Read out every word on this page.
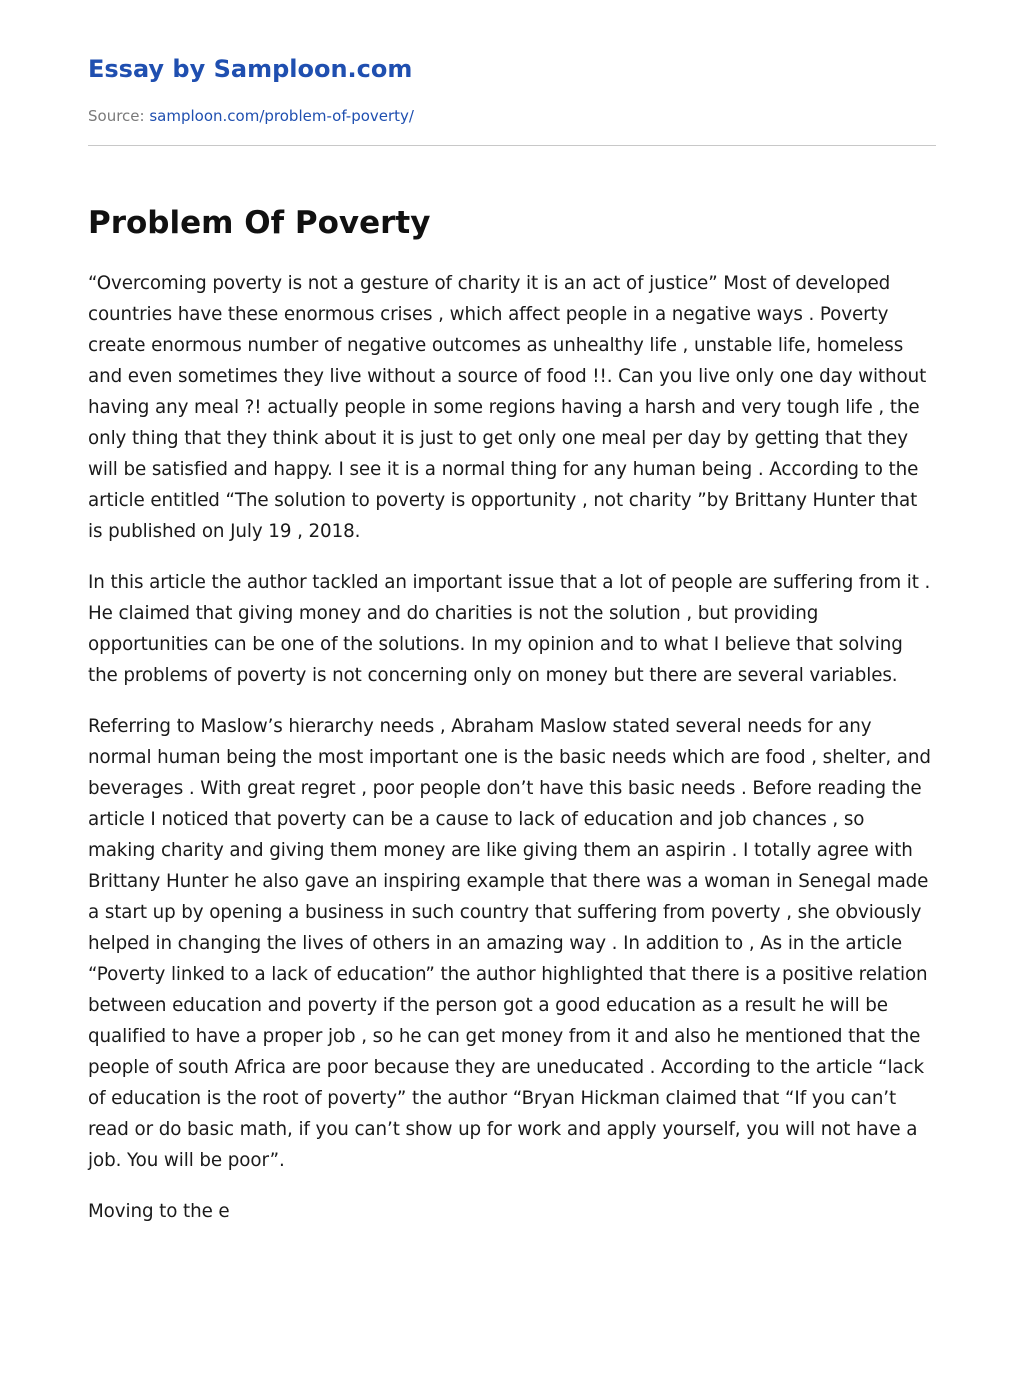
Essay by Samploon.com
Source: samploon.com/problem-of-poverty/
Problem Of Poverty

“Overcoming poverty is not a gesture of charity it is an act of justice” Most of developed countries have these enormous crises , which affect people in a negative ways . Poverty create enormous number of negative outcomes as unhealthy life , unstable life, homeless and even sometimes they live without a source of food !!. Can you live only one day without having any meal ?! actually people in some regions having a harsh and very tough life , the only thing that they think about it is just to get only one meal per day by getting that they will be satisfied and happy. I see it is a normal thing for any human being . According to the article entitled “The solution to poverty is opportunity , not charity ”by Brittany Hunter that is published on July 19 , 2018.

In this article the author tackled an important issue that a lot of people are suffering from it . He claimed that giving money and do charities is not the solution , but providing opportunities can be one of the solutions. In my opinion and to what I believe that solving the problems of poverty is not concerning only on money but there are several variables.

Referring to Maslow’s hierarchy needs , Abraham Maslow stated several needs for any normal human being the most important one is the basic needs which are food , shelter, and beverages . With great regret , poor people don’t have this basic needs . Before reading the article I noticed that poverty can be a cause to lack of education and job chances , so making charity and giving them money are like giving them an aspirin . I totally agree with Brittany Hunter he also gave an inspiring example that there was a woman in Senegal made a start up by opening a business in such country that suffering from poverty , she obviously helped in changing the lives of others in an amazing way . In addition to , As in the article “Poverty linked to a lack of education” the author highlighted that there is a positive relation between education and poverty if the person got a good education as a result he will be qualified to have a proper job , so he can get money from it and also he mentioned that the people of south Africa are poor because they are uneducated . According to the article “lack of education is the root of poverty” the author “Bryan Hickman claimed that “If you can’t read or do basic math, if you can’t show up for work and apply yourself, you will not have a job. You will be poor”.

Moving to the e
